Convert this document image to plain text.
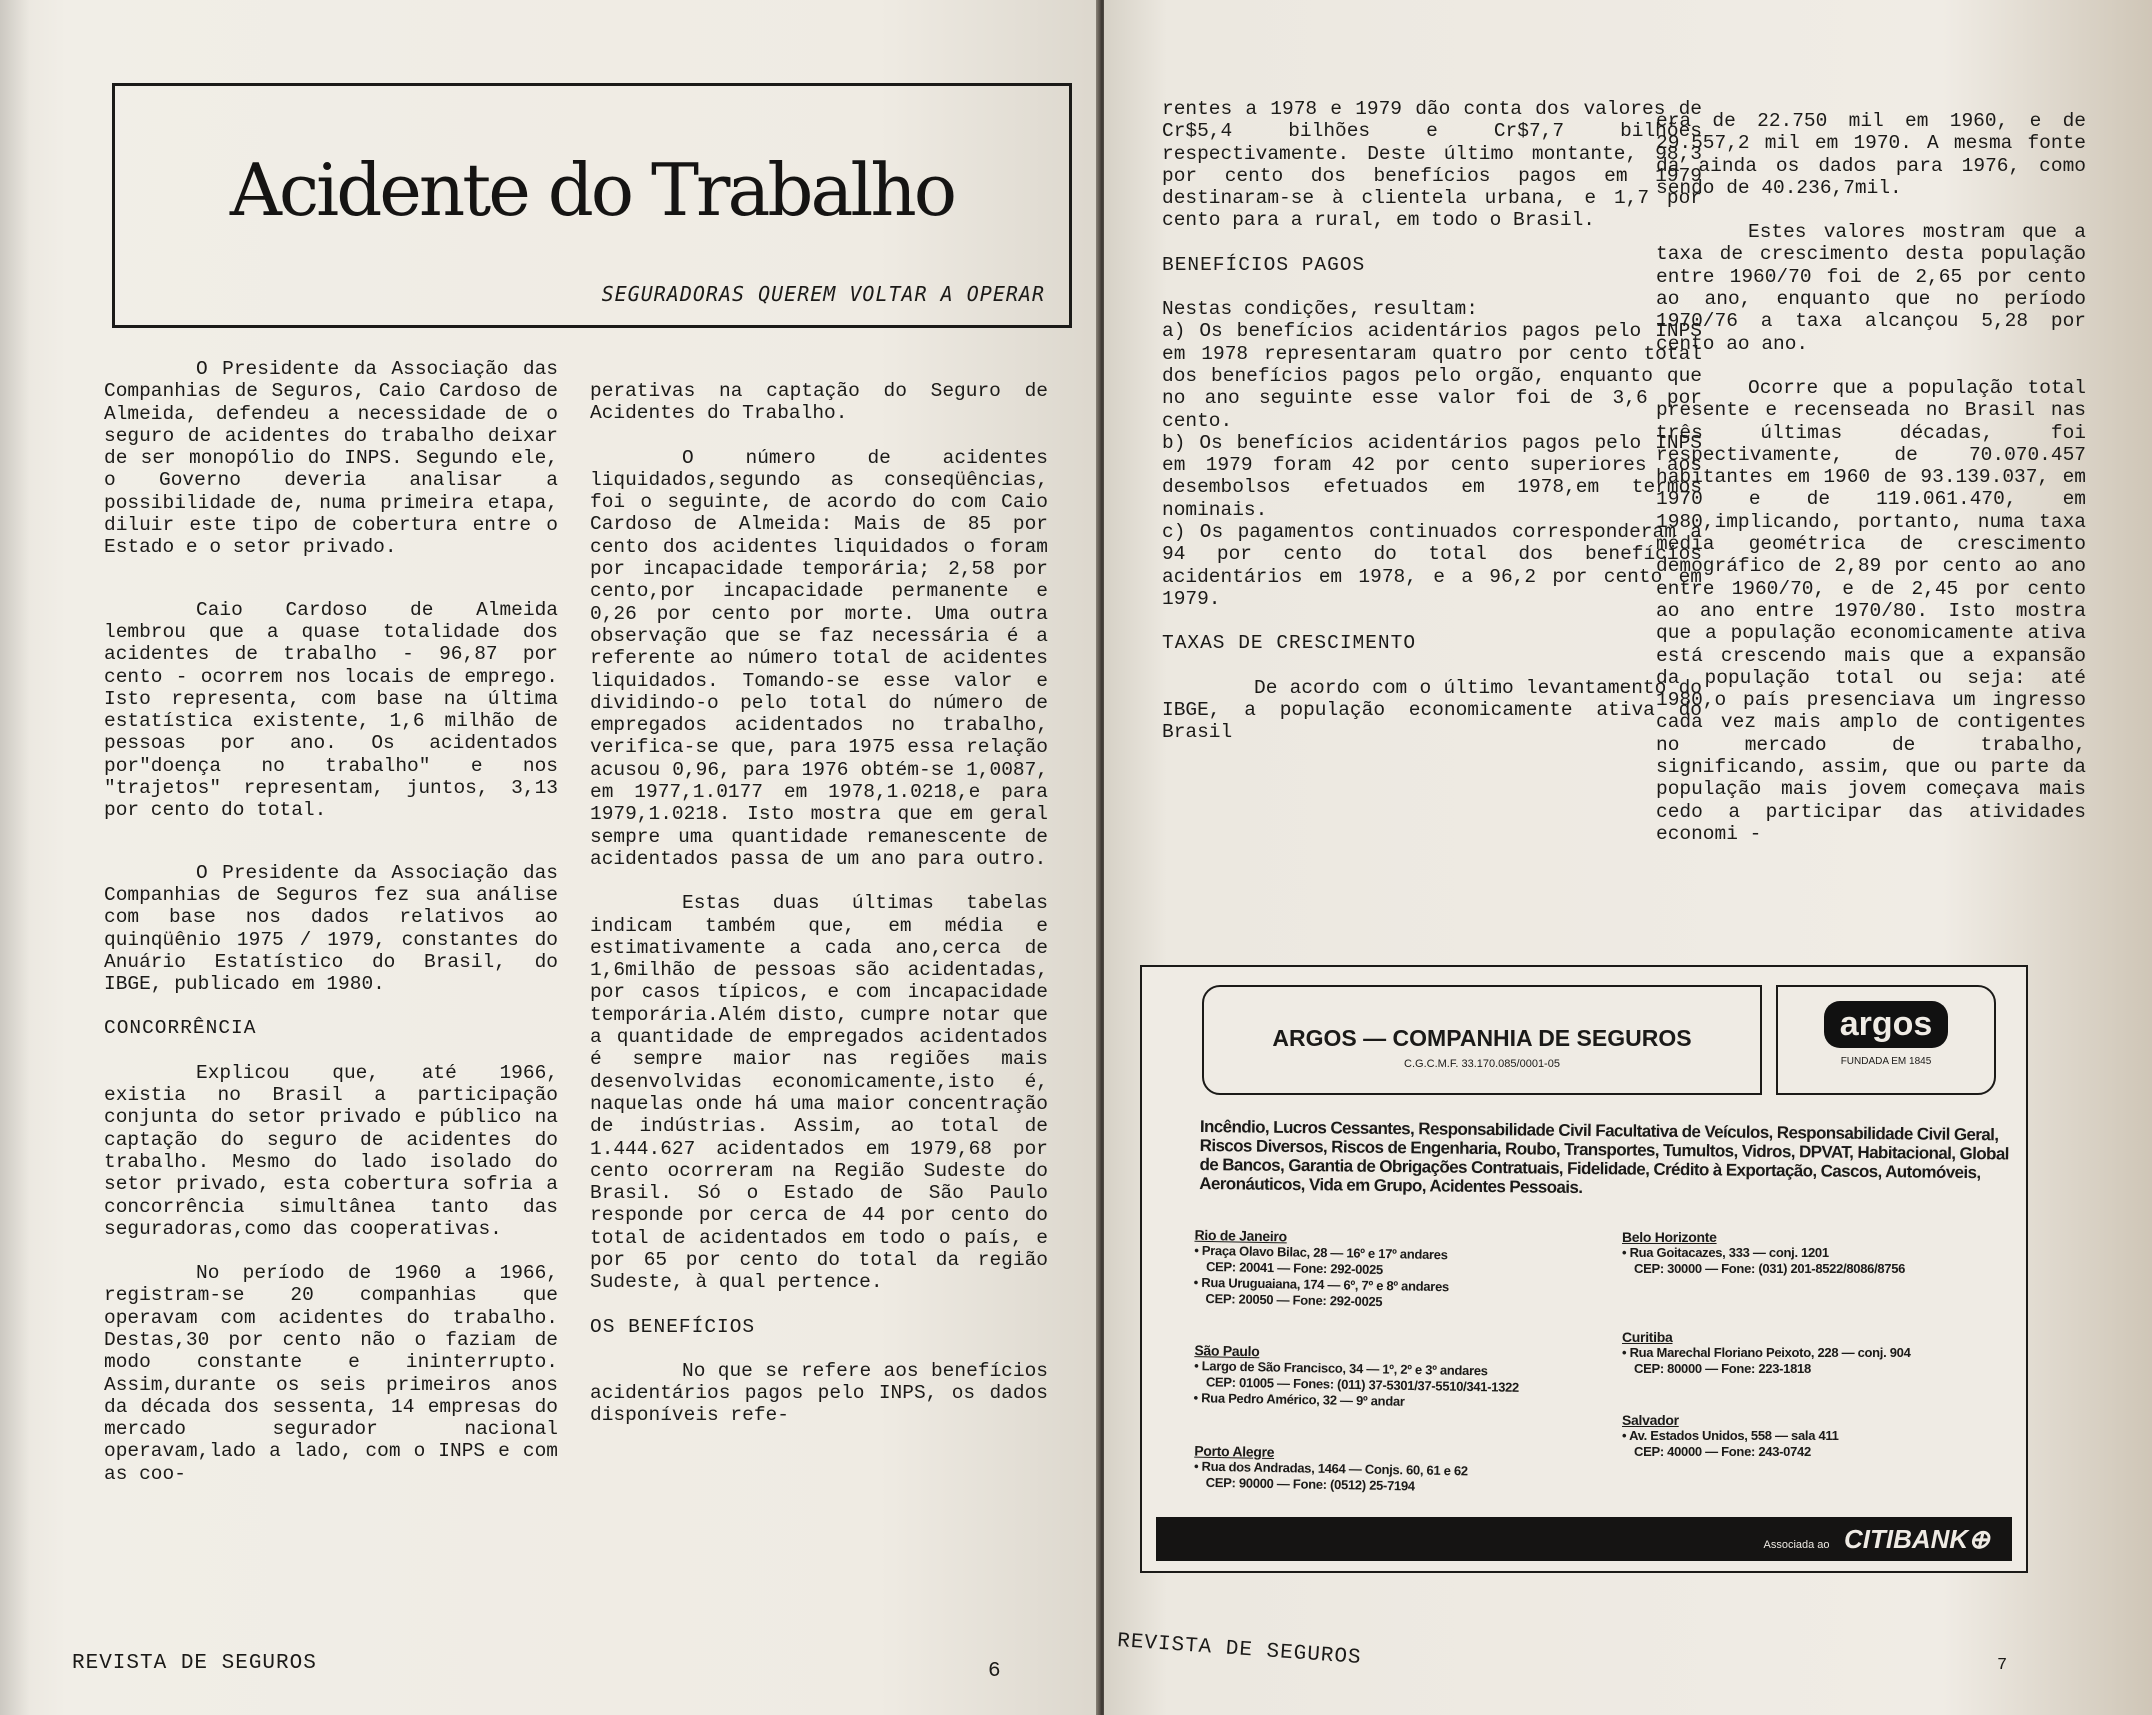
Acidente do Trabalho
SEGURADORAS QUEREM VOLTAR A OPERAR

O Presidente da Associação das Companhias de Seguros, Caio Cardoso de Almeida, defendeu a necessidade de o seguro de acidentes do trabalho deixar de ser monopólio do INPS. Segundo ele, o Governo deveria analisar a possibilidade de, numa primeira etapa, diluir este tipo de cobertura entre o Estado e o setor privado.

Caio Cardoso de Almeida lembrou que a quase totalidade dos acidentes de trabalho - 96,87 por cento - ocorrem nos locais de emprego. Isto representa, com base na última estatística existente, 1,6 milhão de pessoas por ano. Os acidentados por"doença no trabalho" e nos "trajetos" representam, juntos, 3,13 por cento do total.

O Presidente da Associação das Companhias de Seguros fez sua análise com base nos dados relativos ao quinqüênio 1975 / 1979, constantes do Anuário Estatístico do Brasil, do IBGE, publicado em 1980.

CONCORRÊNCIA

Explicou que, até 1966, existia no Brasil a participação conjunta do setor privado e público na captação do seguro de acidentes do trabalho. Mesmo do lado isolado do setor privado, esta cobertura sofria a concorrência simultânea tanto das seguradoras,como das cooperativas.

No período de 1960 a 1966, registram-se 20 companhias que operavam com acidentes do trabalho. Destas,30 por cento não o faziam de modo constante e ininterrupto. Assim,durante os seis primeiros anos da década dos sessenta, 14 empresas do mercado segurador nacional operavam,lado a lado, com o INPS e com as coo-

perativas na captação do Seguro de Acidentes do Trabalho.

O número de acidentes liquidados,segundo as conseqüências, foi o seguinte, de acordo do com Caio Cardoso de Almeida: Mais de 85 por cento dos acidentes liquidados o foram por incapacidade temporária; 2,58 por cento,por incapacidade permanente e 0,26 por cento por morte. Uma outra observação que se faz necessária é a referente ao número total de acidentes liquidados. Tomando-se esse valor e dividindo-o pelo total do número de empregados acidentados no trabalho, verifica-se que, para 1975 essa relação acusou 0,96, para 1976 obtém-se 1,0087, em 1977,1.0177 em 1978,1.0218,e para 1979,1.0218. Isto mostra que em geral sempre uma quantidade remanescente de acidentados passa de um ano para outro.

Estas duas últimas tabelas indicam também que, em média e estimativamente a cada ano,cerca de 1,6milhão de pessoas são acidentadas, por casos típicos, e com incapacidade temporária.Além disto, cumpre notar que a quantidade de empregados acidentados é sempre maior nas regiões mais desenvolvidas economicamente,isto é, naquelas onde há uma maior concentração de indústrias. Assim, ao total de 1.444.627 acidentados em 1979,68 por cento ocorreram na Região Sudeste do Brasil. Só o Estado de São Paulo responde por cerca de 44 por cento do total de acidentados em todo o país, e por 65 por cento do total da região Sudeste, à qual pertence.

OS BENEFÍCIOS

No que se refere aos benefícios acidentários pagos pelo INPS, os dados disponíveis refe-

REVISTA DE SEGUROS	6

rentes a 1978 e 1979 dão conta dos valores de Cr$5,4 bilhões e Cr$7,7 bilhões respectivamente. Deste último montante, 98,3 por cento dos benefícios pagos em 1979 destinaram-se à clientela urbana, e 1,7 por cento para a rural, em todo o Brasil.

BENEFÍCIOS PAGOS

Nestas condições, resultam:

a) Os benefícios acidentários pagos pelo INPS em 1978 representaram quatro por cento total dos benefícios pagos pelo orgão, enquanto que no ano seguinte esse valor foi de 3,6 por cento.

b) Os benefícios acidentários pagos pelo INPS em 1979 foram 42 por cento superiores aos desembolsos efetuados em 1978,em termos nominais.

c) Os pagamentos continuados corresponderam a 94 por cento do total dos benefícios acidentários em 1978, e a 96,2 por cento em 1979.

TAXAS DE CRESCIMENTO

De acordo com o último levantamento do IBGE, a população economicamente ativa do Brasil

era de 22.750 mil em 1960, e de 29.557,2 mil em 1970. A mesma fonte dá ainda os dados para 1976, como sendo de 40.236,7mil.

Estes valores mostram que a taxa de crescimento desta população entre 1960/70 foi de 2,65 por cento ao ano, enquanto que no período 1970/76 a taxa alcançou 5,28 por cento ao ano.

Ocorre que a população total presente e recenseada no Brasil nas três últimas décadas, foi respectivamente, de 70.070.457 habitantes em 1960 de 93.139.037, em 1970 e de 119.061.470, em 1980,implicando, portanto, numa taxa média geométrica de crescimento demográfico de 2,89 por cento ao ano entre 1960/70, e de 2,45 por cento ao ano entre 1970/80. Isto mostra que a população economicamente ativa está crescendo mais que a expansão da população total ou seja: até 1980,o país presenciava um ingresso cada vez mais amplo de contigentes no mercado de trabalho, significando, assim, que ou parte da população mais jovem começava mais cedo a participar das atividades economi -

REVISTA DE SEGUROS	7
ARGOS — COMPANHIA DE SEGUROS
C.G.C.M.F. 33.170.085/0001-05
argos
FUNDADA EM 1845
Incêndio, Lucros Cessantes, Responsabilidade Civil Facultativa de Veículos, Responsabilidade Civil Geral, Riscos Diversos, Riscos de Engenharia, Roubo, Transportes, Tumultos, Vidros, DPVAT, Habitacional, Global de Bancos, Garantia de Obrigações Contratuais, Fidelidade, Crédito à Exportação, Cascos, Automóveis, Aeronáuticos, Vida em Grupo, Acidentes Pessoais.
Rio de Janeiro
• Praça Olavo Bilac, 28 — 16º e 17º andares
CEP: 20041 — Fone: 292-0025
• Rua Uruguaiana, 174 — 6º, 7º e 8º andares
CEP: 20050 — Fone: 292-0025
São Paulo
• Largo de São Francisco, 34 — 1º, 2º e 3º andares
CEP: 01005 — Fones: (011) 37-5301/37-5510/341-1322
• Rua Pedro Américo, 32 — 9º andar
Porto Alegre
• Rua dos Andradas, 1464 — Conjs. 60, 61 e 62
CEP: 90000 — Fone: (0512) 25-7194
Belo Horizonte
• Rua Goitacazes, 333 — conj. 1201
CEP: 30000 — Fone: (031) 201-8522/8086/8756
Curitiba
• Rua Marechal Floriano Peixoto, 228 — conj. 904
CEP: 80000 — Fone: 223-1818
Salvador
• Av. Estados Unidos, 558 — sala 411
CEP: 40000 — Fone: 243-0742
Associada ao CITIBANK⊕
